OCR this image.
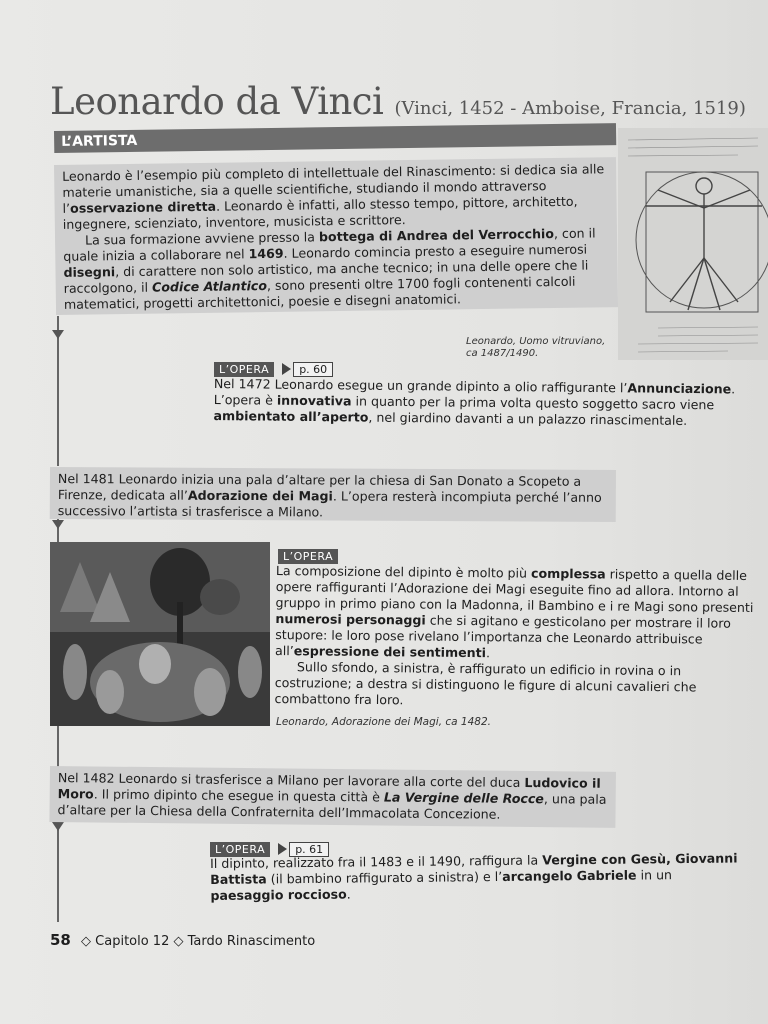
Leonardo da Vinci (Vinci, 1452 - Amboise, Francia, 1519)
L’ARTISTA

Leonardo è l’esempio più completo di intellettuale del Rinascimento: si dedica sia alle materie umanistiche, sia a quelle scientifiche, studiando il mondo attraverso l’osservazione diretta. Leonardo è infatti, allo stesso tempo, pittore, architetto, ingegnere, scienziato, inventore, musicista e scrittore.

La sua formazione avviene presso la bottega di Andrea del Verrocchio, con il quale inizia a collaborare nel 1469. Leonardo comincia presto a eseguire numerosi disegni, di carattere non solo artistico, ma anche tecnico; in una delle opere che li raccolgono, il Codice Atlantico, sono presenti oltre 1700 fogli contenenti calcoli matematici, progetti architettonici, poesie e disegni anatomici.

Leonardo, Uomo vitruviano,
ca 1487/1490.
L’OPERA	p. 60
Nel 1472 Leonardo esegue un grande dipinto a olio raffigurante l’Annunciazione. L’opera è innovativa in quanto per la prima volta questo soggetto sacro viene ambientato all’aperto, nel giardino davanti a un palazzo rinascimentale.
Nel 1481 Leonardo inizia una pala d’altare per la chiesa di San Donato a Scopeto a Firenze, dedicata all’Adorazione dei Magi. L’opera resterà incompiuta perché l’anno successivo l’artista si trasferisce a Milano.
L’OPERA
La composizione del dipinto è molto più complessa rispetto a quella delle opere raffiguranti l’Adorazione dei Magi eseguite fino ad allora. Intorno al gruppo in primo piano con la Madonna, il Bambino e i re Magi sono presenti numerosi personaggi che si agitano e gesticolano per mostrare il loro stupore: le loro pose rivelano l’importanza che Leonardo attribuisce all’espressione dei sentimenti.
Sullo sfondo, a sinistra, è raffigurato un edificio in rovina o in costruzione; a destra si distinguono le figure di alcuni cavalieri che combattono fra loro.
Leonardo, Adorazione dei Magi, ca 1482.
Nel 1482 Leonardo si trasferisce a Milano per lavorare alla corte del duca Ludovico il Moro. Il primo dipinto che esegue in questa città è La Vergine delle Rocce, una pala d’altare per la Chiesa della Confraternita dell’Immacolata Concezione.
L’OPERA	p. 61
Il dipinto, realizzato fra il 1483 e il 1490, raffigura la Vergine con Gesù, Giovanni Battista (il bambino raffigurato a sinistra) e l’arcangelo Gabriele in un paesaggio roccioso.
58 ◇ Capitolo 12 ◇ Tardo Rinascimento
